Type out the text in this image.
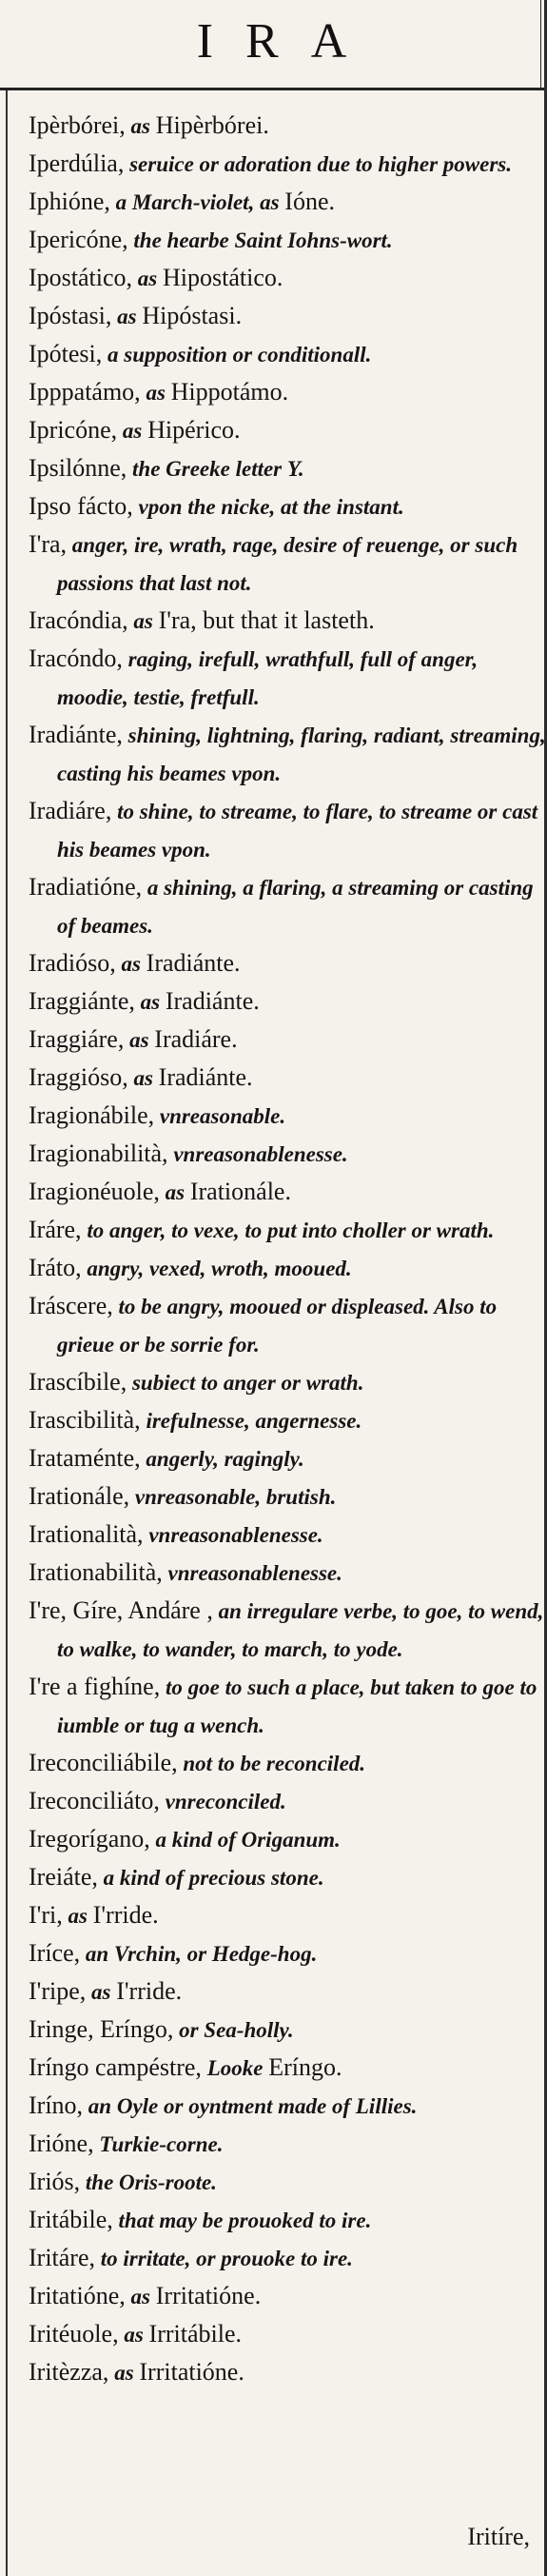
IRA
Ipèrbórei, as Hipèrbórei.
Iperdúlia, seruice or adoration due to higher powers.
Iphióne, a March-violet, as Ióne.
Ipericóne, the hearbe Saint Iohns-wort.
Ipostático, as Hipostático.
Ipóstasi, as Hipóstasi.
Ipótesi, a supposition or conditionall.
Ipppatámo, as Hippotámo.
Ipricóne, as Hipérico.
Ipsilónne, the Greeke letter Υ.
Ipso fácto, vpon the nicke, at the instant.
I'ra, anger, ire, wrath, rage, desire of reuenge, or such passions that last not.
Iracóndia, as I'ra, but that it lasteth.
Iracóndo, raging, irefull, wrathfull, full of anger, moodie, testie, fretfull.
Iradiánte, shining, lightning, flaring, radiant, streaming, casting his beames vpon.
Iradiáre, to shine, to streame, to flare, to streame or cast his beames vpon.
Iradiatióne, a shining, a flaring, a streaming or casting of beames.
Iradióso, as Iradiánte.
Iraggiánte, as Iradiánte.
Iraggiáre, as Iradiáre.
Iraggióso, as Iradiánte.
Iragionábile, vnreasonable.
Iragionabilità, vnreasonablenesse.
Iragionéuole, as Irationále.
Iráre, to anger, to vexe, to put into choller or wrath.
Iráto, angry, vexed, wroth, mooued.
Iráscere, to be angry, mooued or displeased. Also to grieue or be sorrie for.
Irascíbile, subiect to anger or wrath.
Irascibilità, irefulnesse, angernesse.
Irataménte, angerly, ragingly.
Irationále, vnreasonable, brutish.
Irationalità, vnreasonablenesse.
Irationabilità, vnreasonablenesse.
I're, Gíre, Andáre , an irregulare verbe, to goe, to wend, to walke, to wander, to march, to yode.
I're a fighíne, to goe to such a place, but taken to goe to iumble or tug a wench.
Ireconciliábile, not to be reconciled.
Ireconciliáto, vnreconciled.
Iregorígano, a kind of Origanum.
Ireiáte, a kind of precious stone.
I'ri, as I'rride.
Iríce, an Vrchin, or Hedge-hog.
I'ripe, as I'rride.
Iringe, Eríngo, or Sea-holly.
Iríngo campéstre, Looke Eríngo.
Iríno, an Oyle or oyntment made of Lillies.
Irióne, Turkie-corne.
Iriós, the Oris-roote.
Iritábile, that may be prouoked to ire.
Iritáre, to irritate, or prouoke to ire.
Iritatióne, as Irritatióne.
Iritéuole, as Irritábile.
Iritèzza, as Irritatióne.
Iritíre,
